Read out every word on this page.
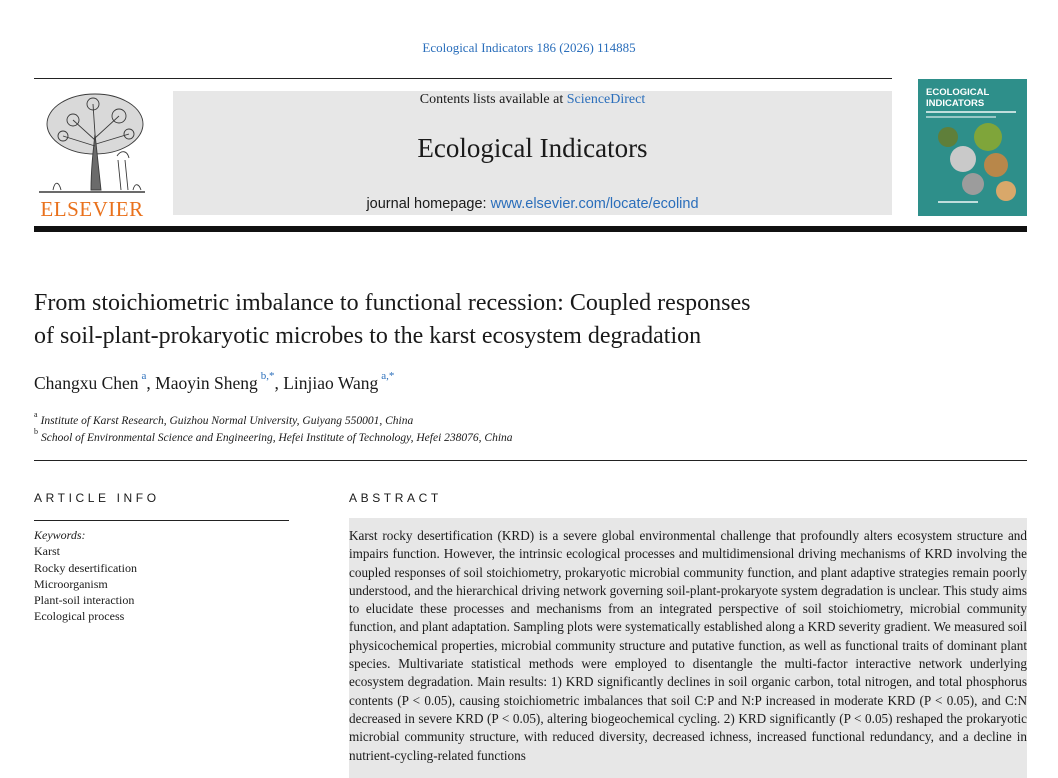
Ecological Indicators 186 (2026) 114885
ELSEVIER
Contents lists available at ScienceDirect
Ecological Indicators
journal homepage: www.elsevier.com/locate/ecolind
ECOLOGICAL INDICATORS
From stoichiometric imbalance to functional recession: Coupled responses
of soil-plant-prokaryotic microbes to the karst ecosystem degradation
Changxu Chen $^a$, Maoyin Sheng $^{b,*}$, Linjiao Wang $^{a,*}$
$^a$Institute of Karst Research, Guizhou Normal University, Guiyang 550001, China
$^b$School of Environmental Science and Engineering, Hefei Institute of Technology, Hefei 238076, China
ARTICLE INFO	ABSTRACT
Keywords:
Karst
Rocky desertification
Microorganism
Plant-soil interaction
Ecological process

Karst rocky desertification (KRD) is a severe global environmental challenge that profoundly alters ecosystem structure and impairs function. However, the intrinsic ecological processes and multidimensional driving mechanisms of KRD involving the coupled responses of soil stoichiometry, prokaryotic microbial community function, and plant adaptive strategies remain poorly understood, and the hierarchical driving network governing soil-plant-prokaryote system degradation is unclear. This study aims to elucidate these processes and mechanisms from an integrated perspective of soil stoichiometry, microbial community function, and plant adaptation. Sampling plots were systematically established along a KRD severity gradient. We measured soil physicochemical properties, microbial community structure and putative function, as well as functional traits of dominant plant species. Multivariate statistical methods were employed to disentangle the multi-factor interactive network underlying ecosystem degradation. Main results: 1) KRD significantly declines in soil organic carbon, total nitrogen, and total phosphorus contents (P < 0.05), causing stoichiometric imbalances that soil C:P and N:P increased in moderate KRD (P < 0.05), and C:N decreased in severe KRD (P < 0.05), altering biogeochemical cycling. 2) KRD significantly (P < 0.05) reshaped the prokaryotic microbial community structure, with reduced diversity, decreased ichness, increased functional redundancy, and a decline in nutrient-cycling-related functions
